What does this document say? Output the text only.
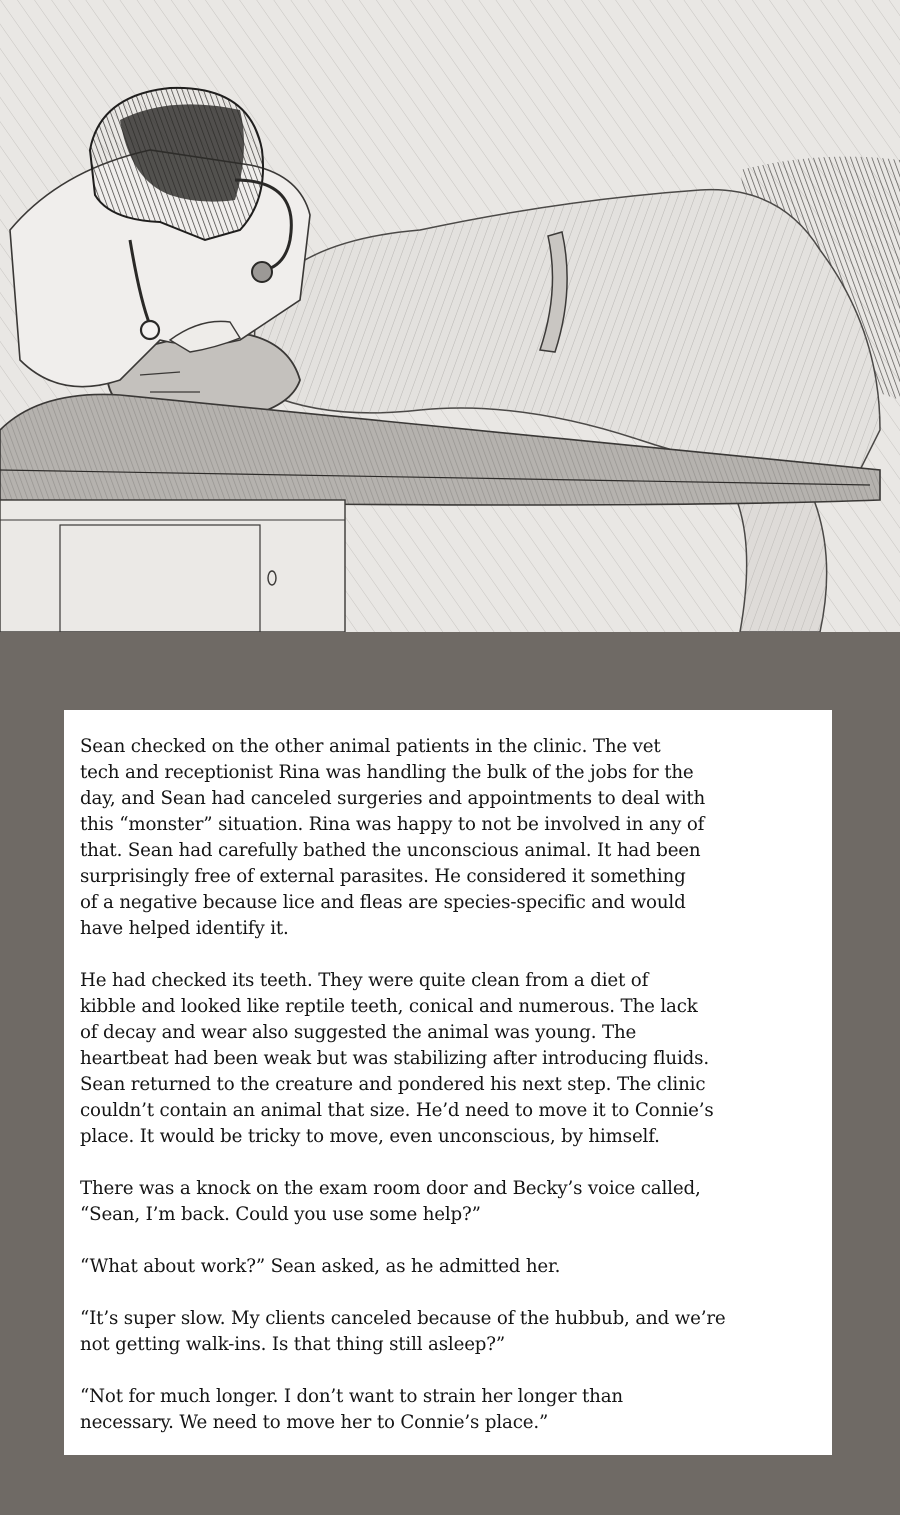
Sean checked on the other animal patients in the clinic. The vet
tech and receptionist Rina was handling the bulk of the jobs for the
day, and Sean had canceled surgeries and appointments to deal with
this “monster” situation. Rina was happy to not be involved in any of
that. Sean had carefully bathed the unconscious animal. It had been
surprisingly free of external parasites. He considered it something
of a negative because lice and fleas are species-specific and would
have helped identify it.

He had checked its teeth. They were quite clean from a diet of
kibble and looked like reptile teeth, conical and numerous. The lack
of decay and wear also suggested the animal was young. The
heartbeat had been weak but was stabilizing after introducing fluids.
Sean returned to the creature and pondered his next step. The clinic
couldn’t contain an animal that size. He’d need to move it to Connie’s
place. It would be tricky to move, even unconscious, by himself.

There was a knock on the exam room door and Becky’s voice called,
“Sean, I’m back. Could you use some help?”

“What about work?” Sean asked, as he admitted her.

“It’s super slow. My clients canceled because of the hubbub, and we’re
not getting walk-ins. Is that thing still asleep?”

“Not for much longer. I don’t want to strain her longer than
necessary. We need to move her to Connie’s place.”
